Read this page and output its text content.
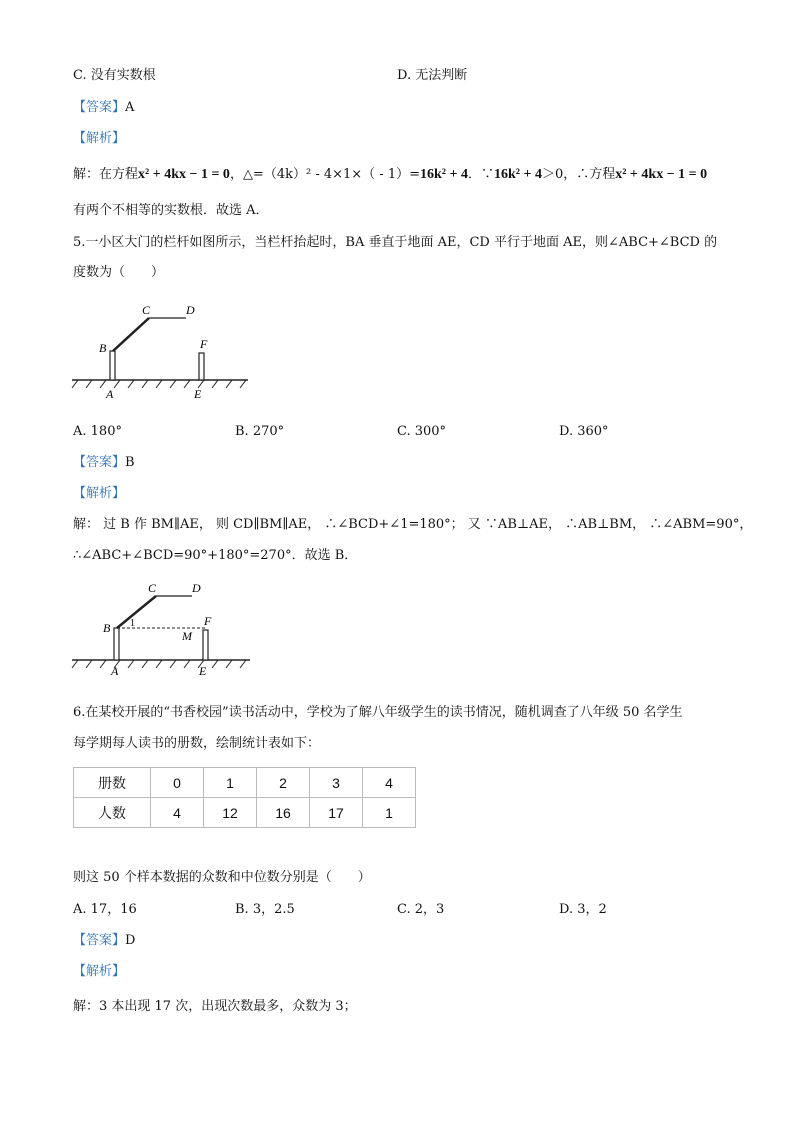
C. 没有实数根	D. 无法判断
【答案】A
【解析】
解：在方程x² + 4kx − 1 = 0，△=（4k）² - 4×1×（ - 1）=16k² + 4．∵16k² + 4＞0，∴方程x² + 4kx − 1 = 0
有两个不相等的实数根．故选 A．
5.一小区大门的栏杆如图所示，当栏杆抬起时，BA 垂直于地面 AE，CD 平行于地面 AE，则∠ABC+∠BCD 的
度数为（　　）
C	D
B	F
A	E
A. 180°	B. 270°	C. 300°	D. 360°
【答案】B
【解析】
解： 过 B 作 BM∥AE， 则 CD∥BM∥AE， ∴∠BCD+∠1=180°； 又 ∵AB⊥AE， ∴AB⊥BM， ∴∠ABM=90°，
∴∠ABC+∠BCD=90°+180°=270°．故选 B．
C	D
B 1	F
M
A	E
6.在某校开展的“书香校园”读书活动中，学校为了解八年级学生的读书情况，随机调查了八年级 50 名学生
每学期每人读书的册数，绘制统计表如下：
册数	0	1	2	3	4
人数	4	12	16	17	1
则这 50 个样本数据的众数和中位数分别是（　　）
A. 17，16	B. 3，2.5	C. 2，3	D. 3，2
【答案】D
【解析】
解：3 本出现 17 次，出现次数最多，众数为 3；
